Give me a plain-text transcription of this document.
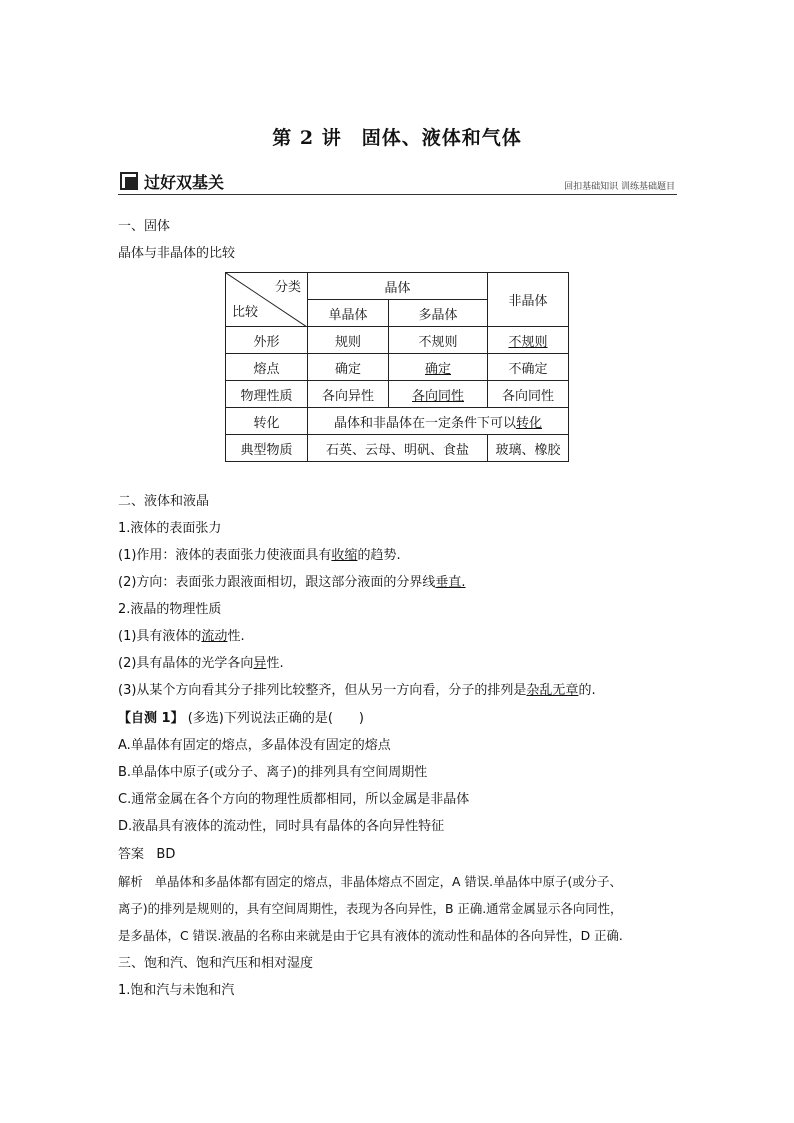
第 2 讲　固体、液体和气体
过好双基关	回扣基础知识 训练基础题目
一、固体
晶体与非晶体的比较
分类
比较	晶体		非晶体
	单晶体	多晶体	
外形	规则	不规则	不规则
熔点	确定	确定	不确定
物理性质	各向异性	各向同性	各向同性
转化	晶体和非晶体在一定条件下可以转化		
典型物质	石英、云母、明矾、食盐		玻璃、橡胶
二、液体和液晶
1.液体的表面张力
(1)作用：液体的表面张力使液面具有收缩的趋势.
(2)方向：表面张力跟液面相切，跟这部分液面的分界线垂直.
2.液晶的物理性质
(1)具有液体的流动性.
(2)具有晶体的光学各向异性.
(3)从某个方向看其分子排列比较整齐，但从另一方向看，分子的排列是杂乱无章的.
【自测 1】 (多选)下列说法正确的是(　　)
A.单晶体有固定的熔点，多晶体没有固定的熔点
B.单晶体中原子(或分子、离子)的排列具有空间周期性
C.通常金属在各个方向的物理性质都相同，所以金属是非晶体
D.液晶具有液体的流动性，同时具有晶体的各向异性特征
答案 BD
解析 单晶体和多晶体都有固定的熔点，非晶体熔点不固定，A 错误.单晶体中原子(或分子、
离子)的排列是规则的，具有空间周期性，表现为各向异性，B 正确.通常金属显示各向同性，
是多晶体，C 错误.液晶的名称由来就是由于它具有液体的流动性和晶体的各向异性，D 正确.
三、饱和汽、饱和汽压和相对湿度
1.饱和汽与未饱和汽
